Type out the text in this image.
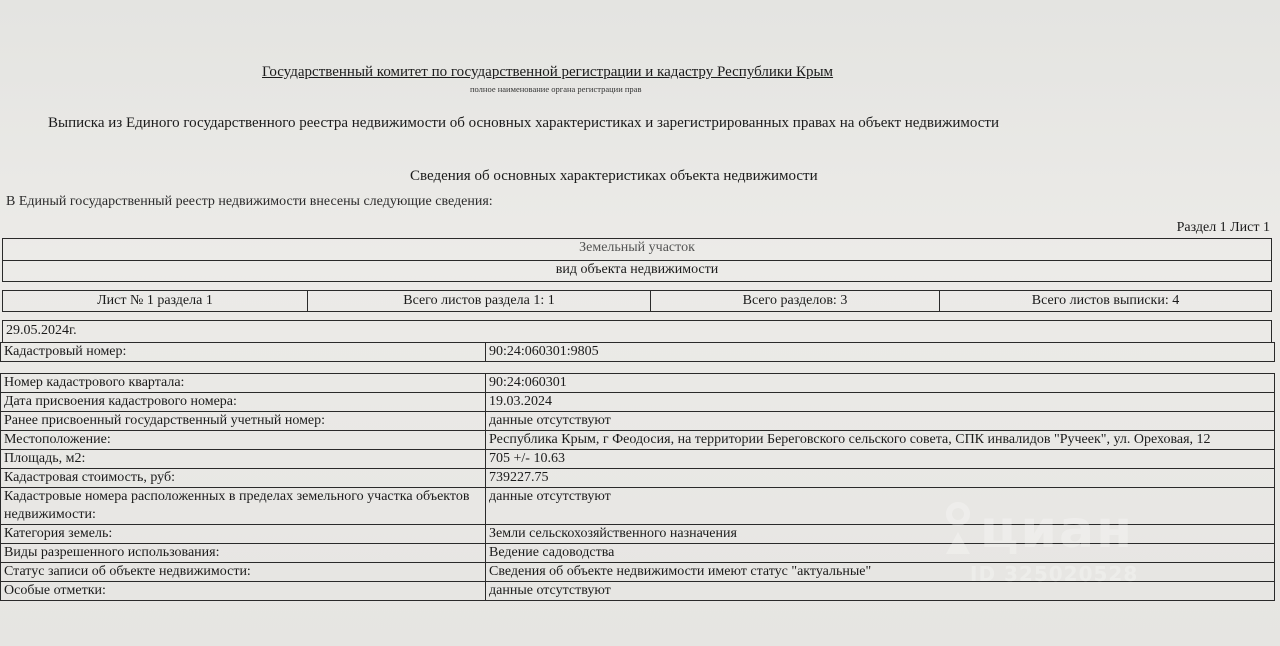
Государственный комитет по государственной регистрации и кадастру Республики Крым
полное наименование органа регистрации прав
Выписка из Единого государственного реестра недвижимости об основных характеристиках и зарегистрированных правах на объект недвижимости
Сведения об основных характеристиках объекта недвижимости
В Единый государственный реестр недвижимости внесены следующие сведения:
Раздел 1 Лист 1
Земельный участок
вид объекта недвижимости
Лист № 1 раздела 1	Всего листов раздела 1: 1	Всего разделов: 3	Всего листов выписки: 4
29.05.2024г.
Кадастровый номер:	90:24:060301:9805
Номер кадастрового квартала:	90:24:060301
Дата присвоения кадастрового номера:	19.03.2024
Ранее присвоенный государственный учетный номер:	данные отсутствуют
Местоположение:	Республика Крым, г Феодосия, на территории Береговского сельского совета, СПК инвалидов "Ручеек", ул. Ореховая, 12
Площадь, м2:	705 +/- 10.63
Кадастровая стоимость, руб:	739227.75
Кадастровые номера расположенных в пределах земельного участка объектов недвижимости:	данные отсутствуют
Категория земель:	Земли сельскохозяйственного назначения
Виды разрешенного использования:	Ведение садоводства
Статус записи об объекте недвижимости:	Сведения об объекте недвижимости имеют статус "актуальные"
Особые отметки:	данные отсутствуют
циан
ID 325020528
